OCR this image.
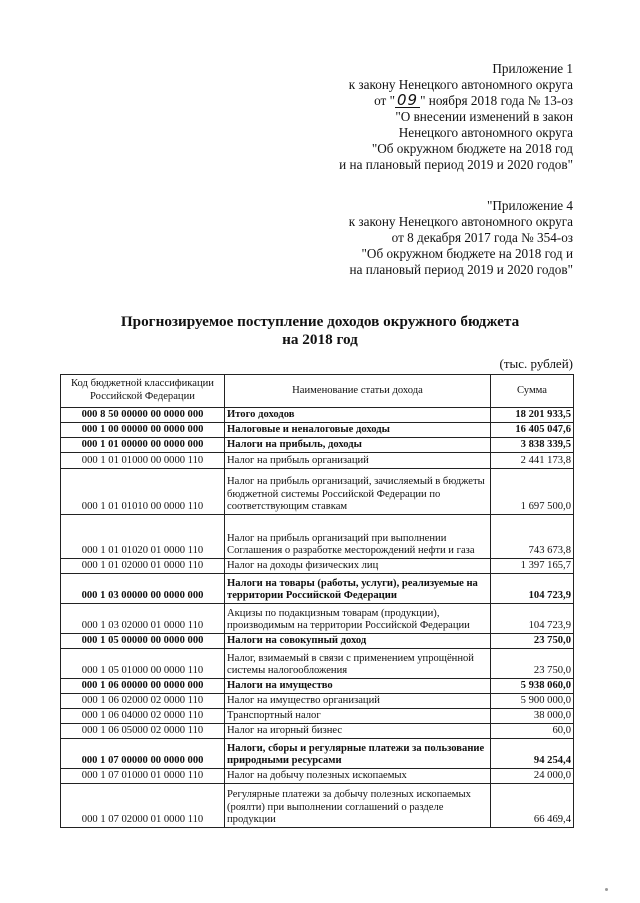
Приложение 1
к закону Ненецкого автономного округа
от " 09 " ноября 2018 года № 13-оз
"О внесении изменений в закон
Ненецкого автономного округа
"Об окружном бюджете на 2018 год
и на плановый период 2019 и 2020 годов"
"Приложение 4
к закону Ненецкого автономного округа
от 8 декабря 2017 года № 354-оз
"Об окружном бюджете на 2018 год и
на плановый период 2019 и 2020 годов"
Прогнозируемое поступление доходов окружного бюджета
на 2018 год
(тыс. рублей)
Код бюджетной классификации Российской Федерации	Наименование статьи дохода	Сумма
000 8 50 00000 00 0000 000	Итого доходов	18 201 933,5
000 1 00 00000 00 0000 000	Налоговые и неналоговые доходы	16 405 047,6
000 1 01 00000 00 0000 000	Налоги на прибыль, доходы	3 838 339,5
000 1 01 01000 00 0000 110	Налог на прибыль организаций	2 441 173,8
000 1 01 01010 00 0000 110	Налог на прибыль организаций, зачисляемый в бюджеты бюджетной системы Российской Федерации по соответствующим ставкам	1 697 500,0
000 1 01 01020 01 0000 110	Налог на прибыль организаций при выполнении Соглашения о разработке месторождений нефти и газа	743 673,8
000 1 01 02000 01 0000 110	Налог на доходы физических лиц	1 397 165,7
000 1 03 00000 00 0000 000	Налоги на товары (работы, услуги), реализуемые на территории Российской Федерации	104 723,9
000 1 03 02000 01 0000 110	Акцизы по подакцизным товарам (продукции), производимым на территории Российской Федерации	104 723,9
000 1 05 00000 00 0000 000	Налоги на совокупный доход	23 750,0
000 1 05 01000 00 0000 110	Налог, взимаемый в связи с применением упрощённой системы налогообложения	23 750,0
000 1 06 00000 00 0000 000	Налоги на имущество	5 938 060,0
000 1 06 02000 02 0000 110	Налог на имущество организаций	5 900 000,0
000 1 06 04000 02 0000 110	Транспортный налог	38 000,0
000 1 06 05000 02 0000 110	Налог на игорный бизнес	60,0
000 1 07 00000 00 0000 000	Налоги, сборы и регулярные платежи за пользование природными ресурсами	94 254,4
000 1 07 01000 01 0000 110	Налог на добычу полезных ископаемых	24 000,0
000 1 07 02000 01 0000 110	Регулярные платежи за добычу полезных ископаемых (роялти) при выполнении соглашений о разделе продукции	66 469,4
